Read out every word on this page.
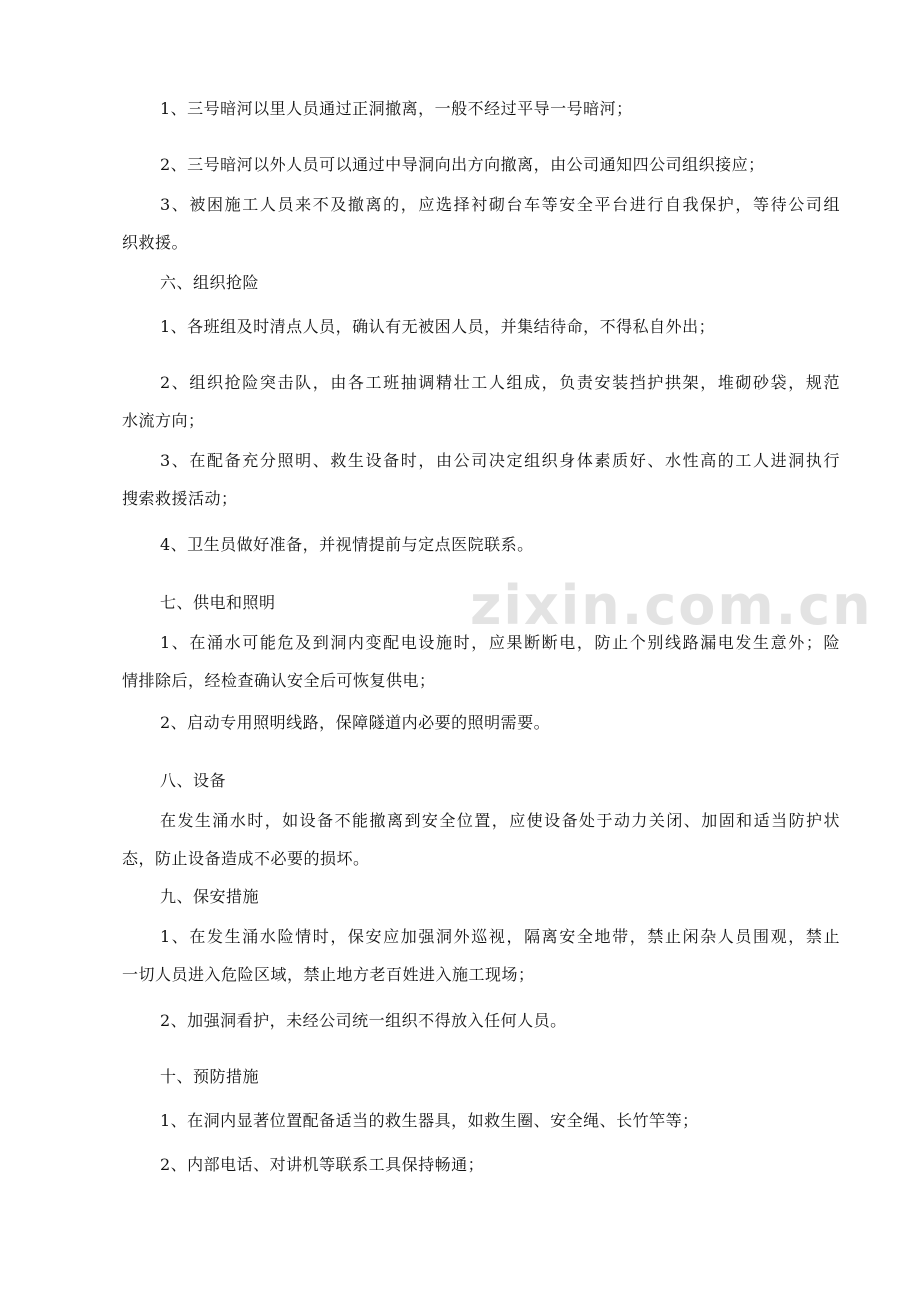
zixin.com.cn
1、三号暗河以里人员通过正洞撤离，一般不经过平导一号暗河；
2、三号暗河以外人员可以通过中导洞向出方向撤离，由公司通知四公司组织接应；
3、被困施工人员来不及撤离的，应选择衬砌台车等安全平台进行自我保护，等待公司组
织救援。
六、组织抢险
1、各班组及时清点人员，确认有无被困人员，并集结待命，不得私自外出；
2、组织抢险突击队，由各工班抽调精壮工人组成，负责安装挡护拱架，堆砌砂袋，规范
水流方向；
3、在配备充分照明、救生设备时，由公司决定组织身体素质好、水性高的工人进洞执行
搜索救援活动；
4、卫生员做好准备，并视情提前与定点医院联系。
七、供电和照明
1、在涌水可能危及到洞内变配电设施时，应果断断电，防止个别线路漏电发生意外；险
情排除后，经检查确认安全后可恢复供电；
2、启动专用照明线路，保障隧道内必要的照明需要。
八、设备
在发生涌水时，如设备不能撤离到安全位置，应使设备处于动力关闭、加固和适当防护状
态，防止设备造成不必要的损坏。
九、保安措施
1、在发生涌水险情时，保安应加强洞外巡视，隔离安全地带，禁止闲杂人员围观，禁止
一切人员进入危险区域，禁止地方老百姓进入施工现场；
2、加强洞看护，未经公司统一组织不得放入任何人员。
十、预防措施
1、在洞内显著位置配备适当的救生器具，如救生圈、安全绳、长竹竿等；
2、内部电话、对讲机等联系工具保持畅通；
